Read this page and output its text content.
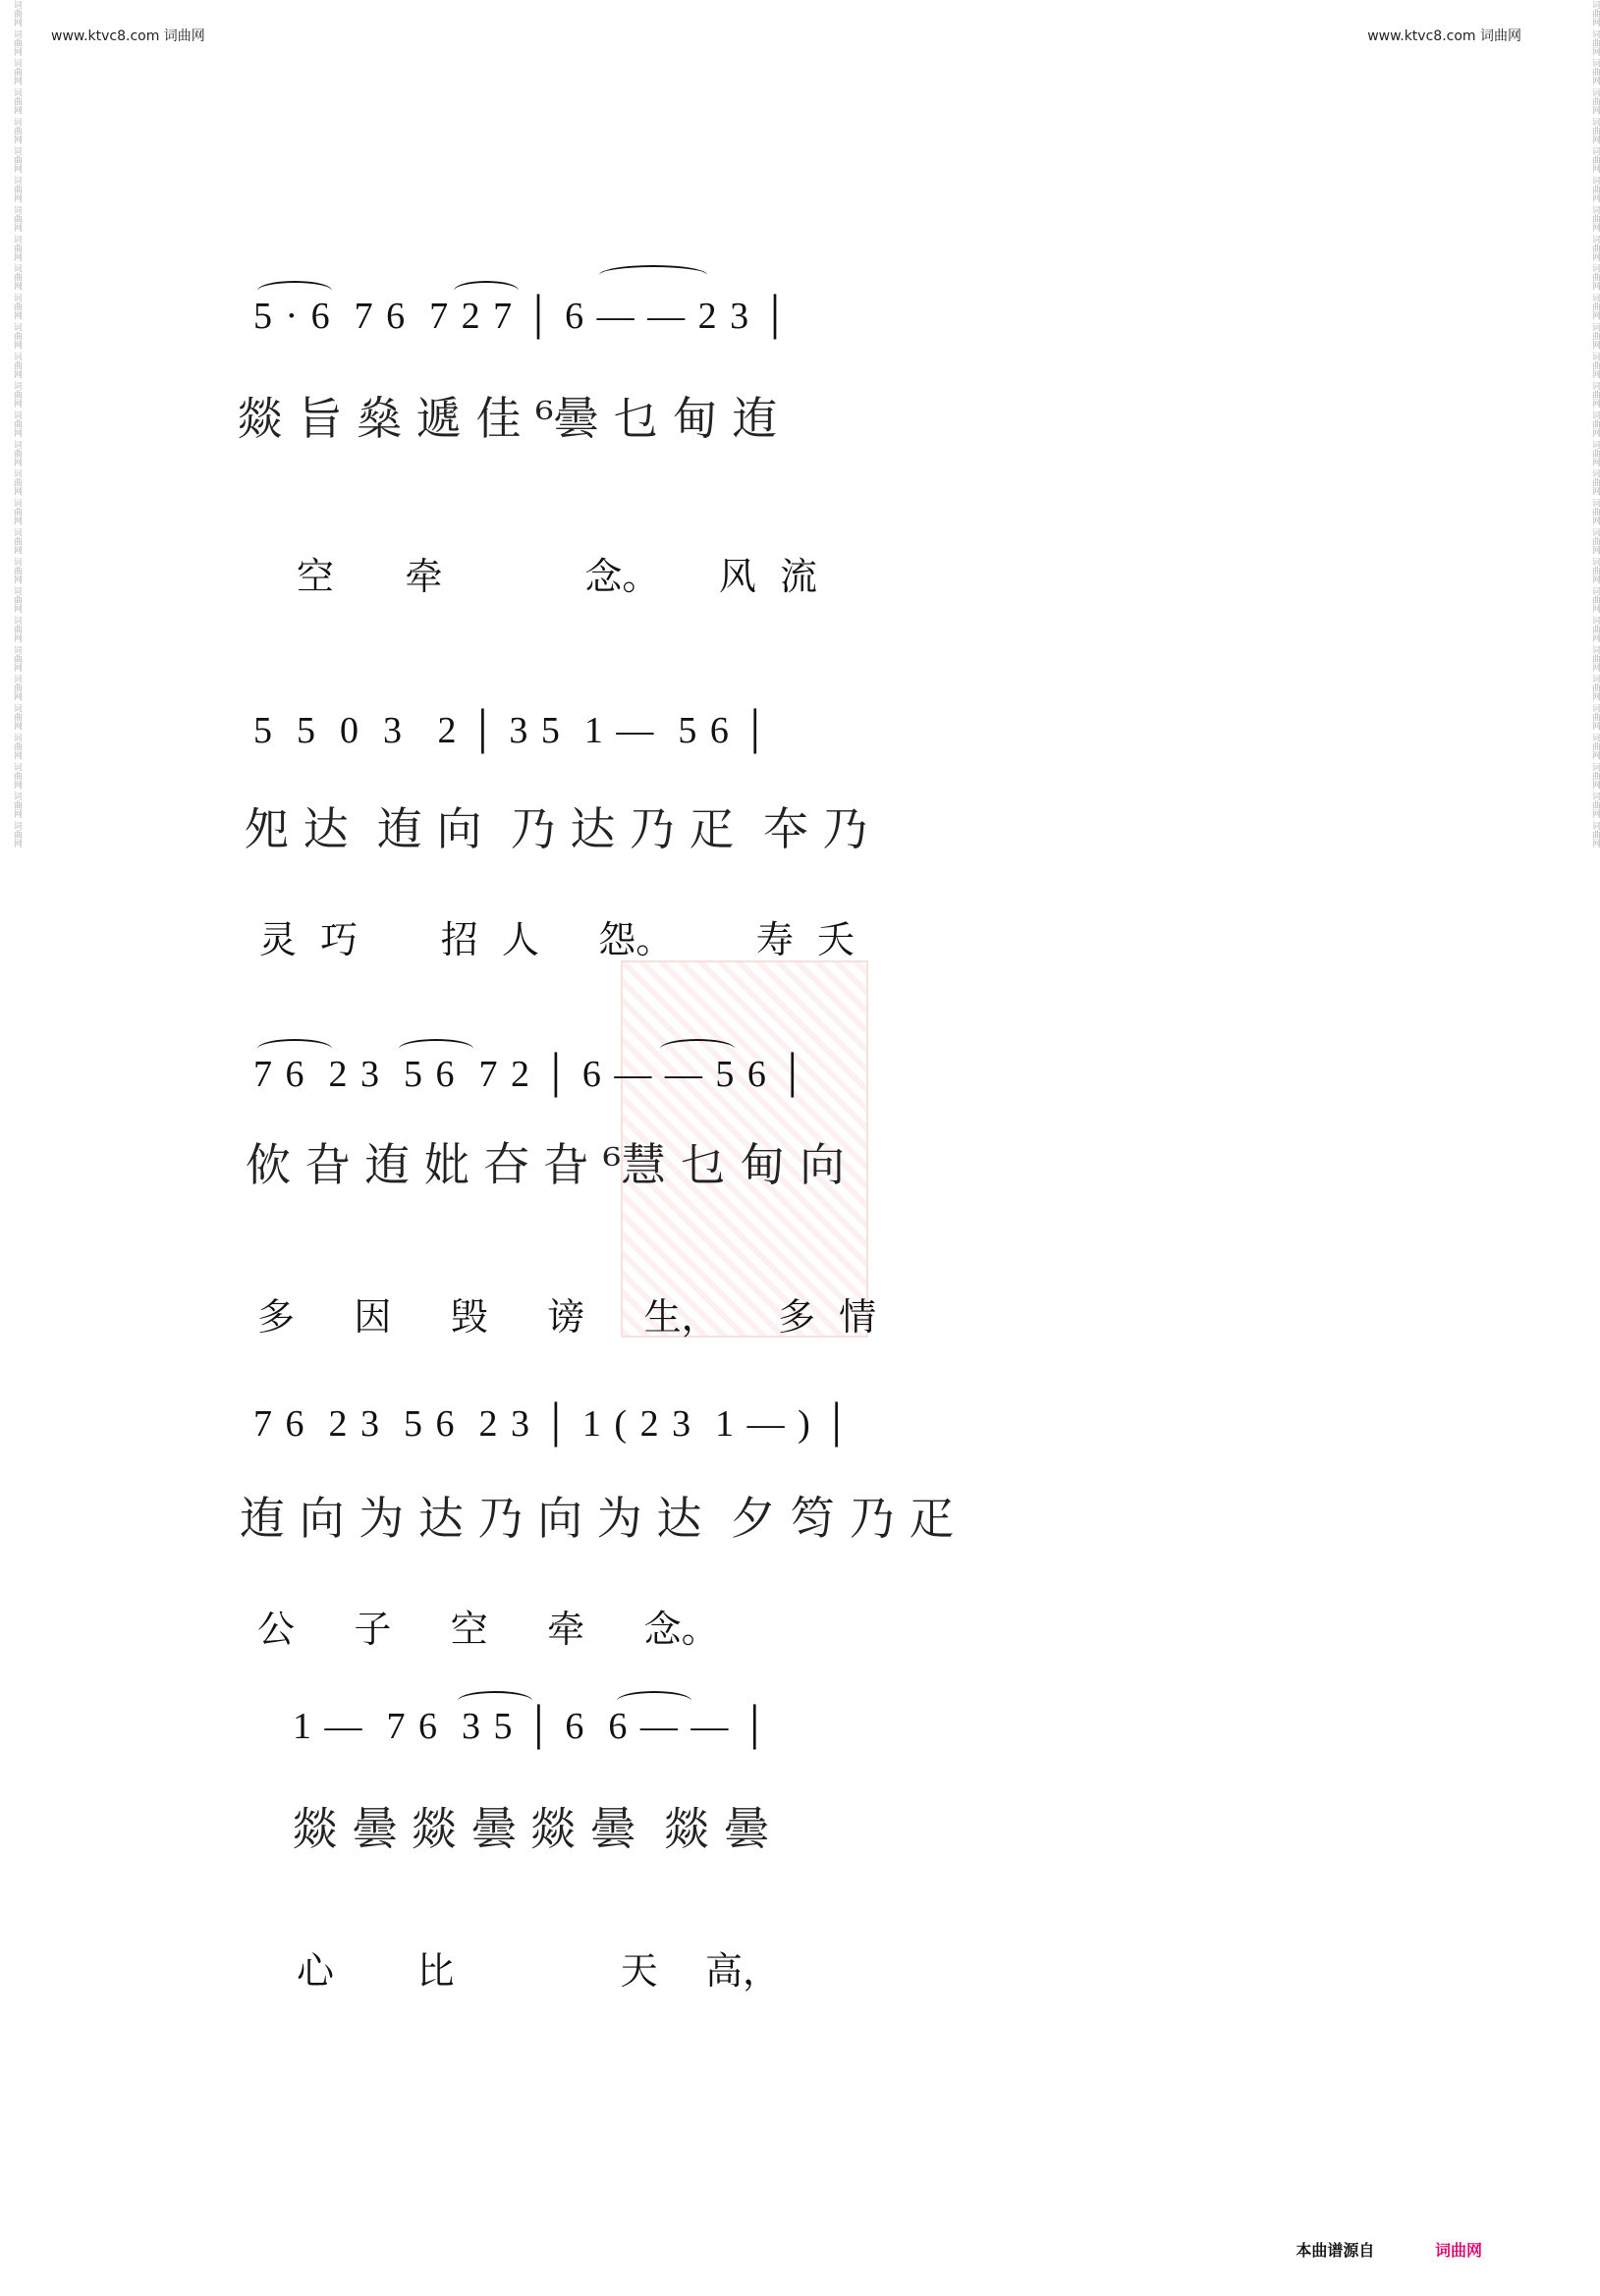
www.ktvc8.com 词曲网	www.ktvc8.com 词曲网
词曲网 词曲网 词曲网 词曲网 词曲网 词曲网 词曲网 词曲网 词曲网 词曲网 词曲网 词曲网 词曲网 词曲网 词曲网 词曲网 词曲网 词曲网 词曲网 词曲网 词曲网 词曲网 词曲网 词曲网 词曲网 词曲网 词曲网 词曲网 词曲网	词曲网 词曲网 词曲网 词曲网 词曲网 词曲网 词曲网 词曲网 词曲网 词曲网 词曲网 词曲网 词曲网 词曲网 词曲网 词曲网 词曲网 词曲网 词曲网 词曲网 词曲网 词曲网 词曲网 词曲网 词曲网 词曲网 词曲网 词曲网 词曲网
5 · 6  7 6  7 2 7 │ 6 — — 2 3 │
燚 旨 燊 遞 佳 ⁶曇 乜 甸 迶
空      牵            念。     风  流
5  5  0  3   2 │ 3 5  1 —  5 6 │
夗 达  迶 向  乃 达 乃 疋  夲 乃
灵  巧       招  人     怨。       寿  夭
7 6  2 3  5 6  7 2 │ 6 — — 5 6 │
佽 旮 迶 妣 夻 旮 ⁶慧 乜 甸 向
多     因     毁     谤     生，     多  情
7 6  2 3  5 6  2 3 │ 1 ( 2 3  1 — ) │
迶 向 为 达 乃 向 为 达  夕 笉 乃 疋
公     子     空     牵     念。
1 —  7 6  3 5 │ 6  6 — — │
燚 曇 燚 曇 燚 曇  燚 曇
心       比              天    高，
本曲谱源自	词曲网
